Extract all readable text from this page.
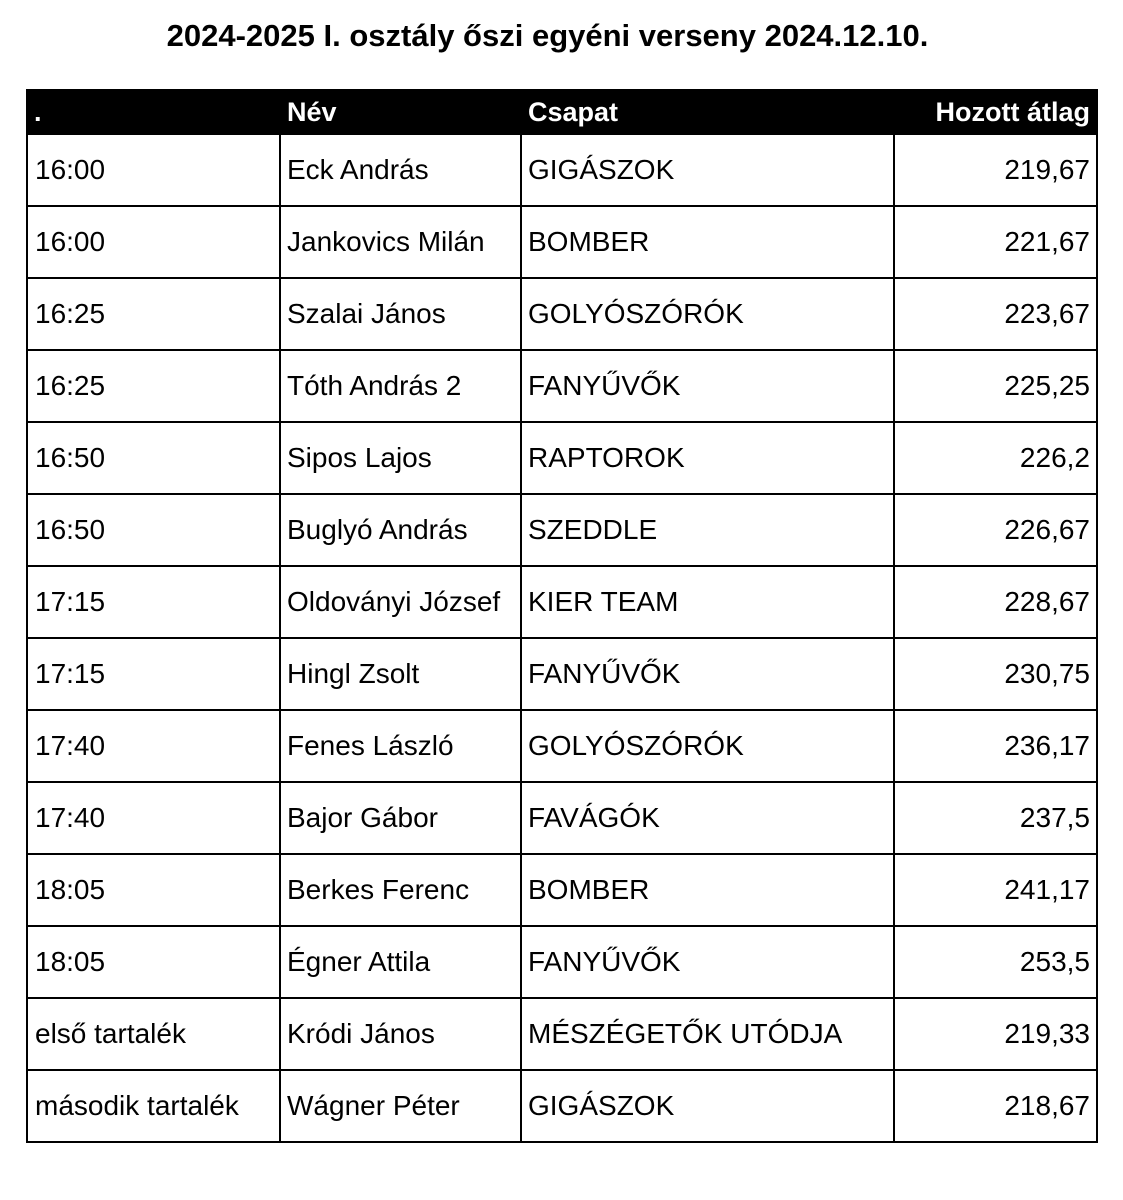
2024-2025 I. osztály őszi egyéni verseny 2024.12.10.
.	Név	Csapat	Hozott átlag
16:00	Eck András	GIGÁSZOK	219,67
16:00	Jankovics Milán	BOMBER	221,67
16:25	Szalai János	GOLYÓSZÓRÓK	223,67
16:25	Tóth András 2	FANYŰVŐK	225,25
16:50	Sipos Lajos	RAPTOROK	226,2
16:50	Buglyó András	SZEDDLE	226,67
17:15	Oldoványi József	KIER TEAM	228,67
17:15	Hingl Zsolt	FANYŰVŐK	230,75
17:40	Fenes László	GOLYÓSZÓRÓK	236,17
17:40	Bajor Gábor	FAVÁGÓK	237,5
18:05	Berkes Ferenc	BOMBER	241,17
18:05	Égner Attila	FANYŰVŐK	253,5
első tartalék	Kródi János	MÉSZÉGETŐK UTÓDJA	219,33
második tartalék	Wágner Péter	GIGÁSZOK	218,67
